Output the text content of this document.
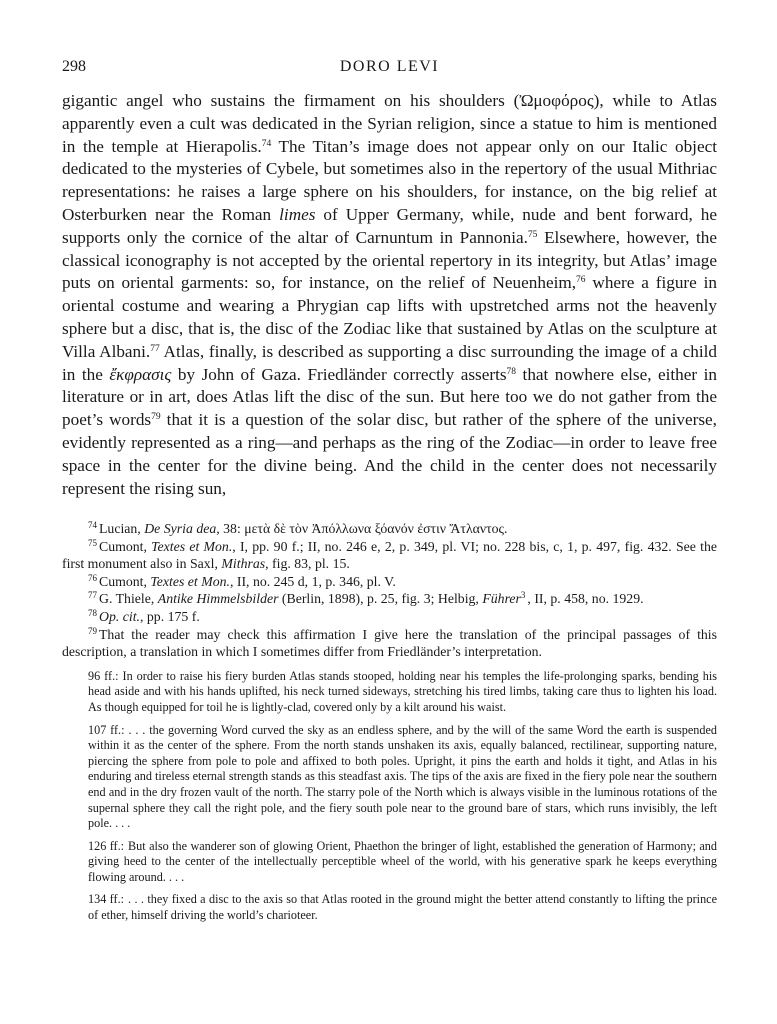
298	DORO LEVI

gigantic angel who sustains the firmament on his shoulders (Ὠμοφόρος), while to Atlas apparently even a cult was dedicated in the Syrian religion, since a statue to him is mentioned in the temple at Hierapolis.$^{74}$ The Titan’s image does not appear only on our Italic object dedicated to the mysteries of Cybele, but sometimes also in the repertory of the usual Mithriac representations: he raises a large sphere on his shoulders, for instance, on the big relief at Osterburken near the Roman limes of Upper Germany, while, nude and bent forward, he supports only the cornice of the altar of Carnuntum in Pannonia.$^{75}$ Elsewhere, however, the classical iconography is not accepted by the oriental repertory in its integrity, but Atlas’ image puts on oriental garments: so, for instance, on the relief of Neuenheim,$^{76}$ where a figure in oriental costume and wearing a Phrygian cap lifts with upstretched arms not the heavenly sphere but a disc, that is, the disc of the Zodiac like that sustained by Atlas on the sculpture at Villa Albani.$^{77}$ Atlas, finally, is described as supporting a disc surrounding the image of a child in the ἔκφρασις by John of Gaza. Friedländer correctly asserts$^{78}$ that nowhere else, either in literature or in art, does Atlas lift the disc of the sun. But here too we do not gather from the poet’s words$^{79}$ that it is a question of the solar disc, but rather of the sphere of the universe, evidently represented as a ring—and perhaps as the ring of the Zodiac—in order to leave free space in the center for the divine being. And the child in the center does not necessarily represent the rising sun,

$^{74}$ Lucian, De Syria dea, 38: μετὰ δὲ τὸν Ἀπόλλωνα ξόανόν ἐστιν Ἄτλαντος.

$^{75}$ Cumont, Textes et Mon., I, pp. 90 f.; II, no. 246 e, 2, p. 349, pl. VI; no. 228 bis, c, 1, p. 497, fig. 432. See the first monument also in Saxl, Mithras, fig. 83, pl. 15.

$^{76}$ Cumont, Textes et Mon., II, no. 245 d, 1, p. 346, pl. V.

$^{77}$ G. Thiele, Antike Himmelsbilder (Berlin, 1898), p. 25, fig. 3; Helbig, Führer$^3$ , II, p. 458, no. 1929.

$^{78}$ Op. cit., pp. 175 f.

$^{79}$ That the reader may check this affirmation I give here the translation of the principal passages of this description, a translation in which I sometimes differ from Friedländer’s interpretation.

96 ff.: In order to raise his fiery burden Atlas stands stooped, holding near his temples the life-prolonging sparks, bending his head aside and with his hands uplifted, his neck turned sideways, stretching his tired limbs, taking care thus to lighten his load. As though equipped for toil he is lightly-clad, covered only by a kilt around his waist.

107 ff.: . . . the governing Word curved the sky as an endless sphere, and by the will of the same Word the earth is suspended within it as the center of the sphere. From the north stands unshaken its axis, equally balanced, rectilinear, supporting nature, piercing the sphere from pole to pole and affixed to both poles. Upright, it pins the earth and holds it tight, and Atlas in his enduring and tireless eternal strength stands as this steadfast axis. The tips of the axis are fixed in the fiery pole near the southern end and in the dry frozen vault of the north. The starry pole of the North which is always visible in the luminous rotations of the supernal sphere they call the right pole, and the fiery south pole near to the ground bare of stars, which runs invisibly, the left pole. . . .

126 ff.: But also the wanderer son of glowing Orient, Phaethon the bringer of light, established the generation of Harmony; and giving heed to the center of the intellectually perceptible wheel of the world, with his generative spark he keeps everything flowing around. . . .

134 ff.: . . . they fixed a disc to the axis so that Atlas rooted in the ground might the better attend constantly to lifting the prince of ether, himself driving the world’s charioteer.
